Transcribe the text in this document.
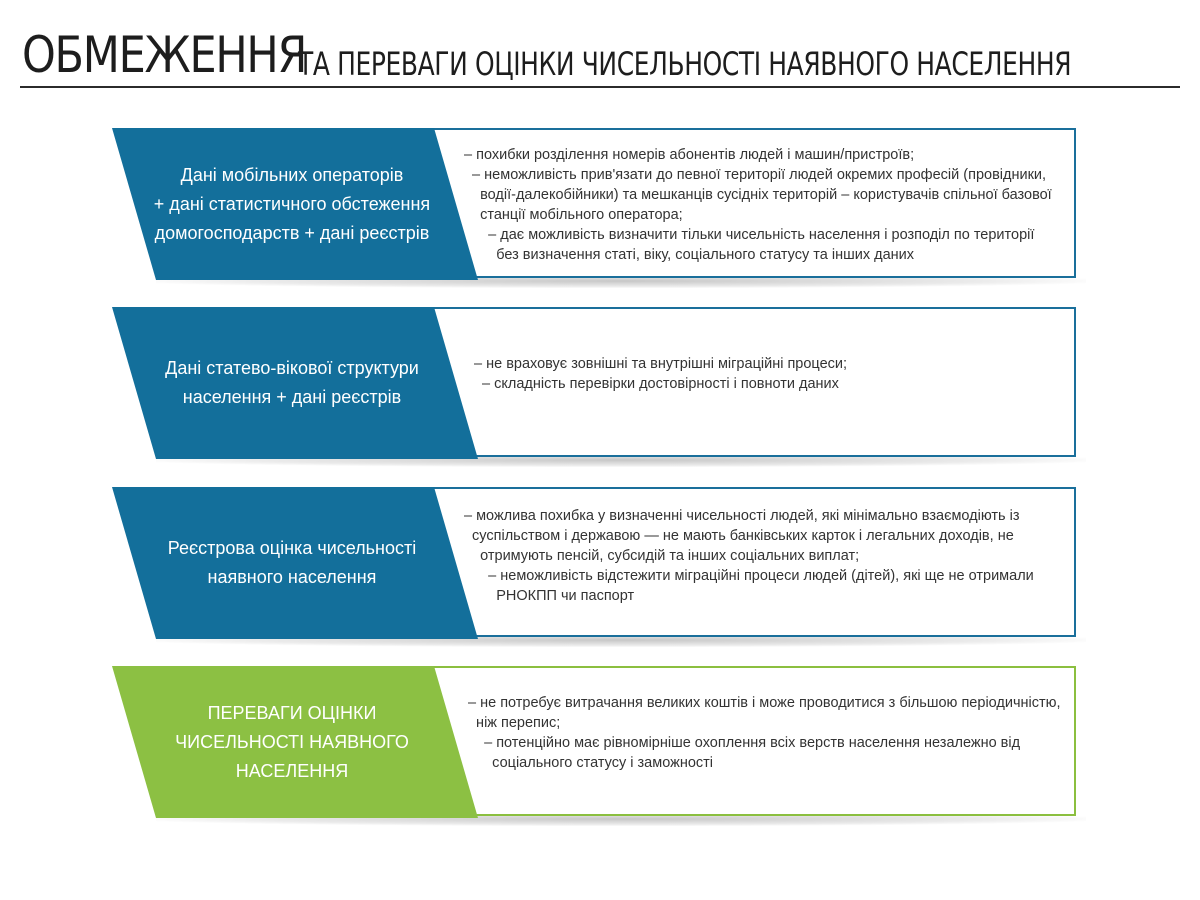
ОБМЕЖЕННЯ
ТА ПЕРЕВАГИ ОЦІНКИ ЧИСЕЛЬНОСТІ НАЯВНОГО НАСЕЛЕННЯ
Дані мобільних операторів
+ дані статистичного обстеження
домогосподарств + дані реєстрів
– похибки розділення номерів абонентів людей і машин/пристроїв;
– неможливість прив'язати до певної території людей окремих професій (провідники,
водії-далекобійники) та мешканців сусідніх територій – користувачів спільної базової
станції мобільного оператора;
– дає можливість визначити тільки чисельність населення і розподіл по території
без визначення статі, віку, соціального статусу та інших даних
Дані статево-вікової структури
населення + дані реєстрів
– не враховує зовнішні та внутрішні міграційні процеси;
– складність перевірки достовірності і повноти даних
Реєстрова оцінка чисельності
наявного населення
– можлива похибка у визначенні чисельності людей, які мінімально взаємодіють із
суспільством і державою — не мають банківських карток і легальних доходів, не
отримують пенсій, субсидій та інших соціальних виплат;
– неможливість відстежити міграційні процеси людей (дітей), які ще не отримали
РНОКПП чи паспорт
ПЕРЕВАГИ ОЦІНКИ
ЧИСЕЛЬНОСТІ НАЯВНОГО
НАСЕЛЕННЯ
– не потребує витрачання великих коштів і може проводитися з більшою періодичністю,
ніж перепис;
– потенційно має рівномірніше охоплення всіх верств населення незалежно від
соціального статусу і заможності
